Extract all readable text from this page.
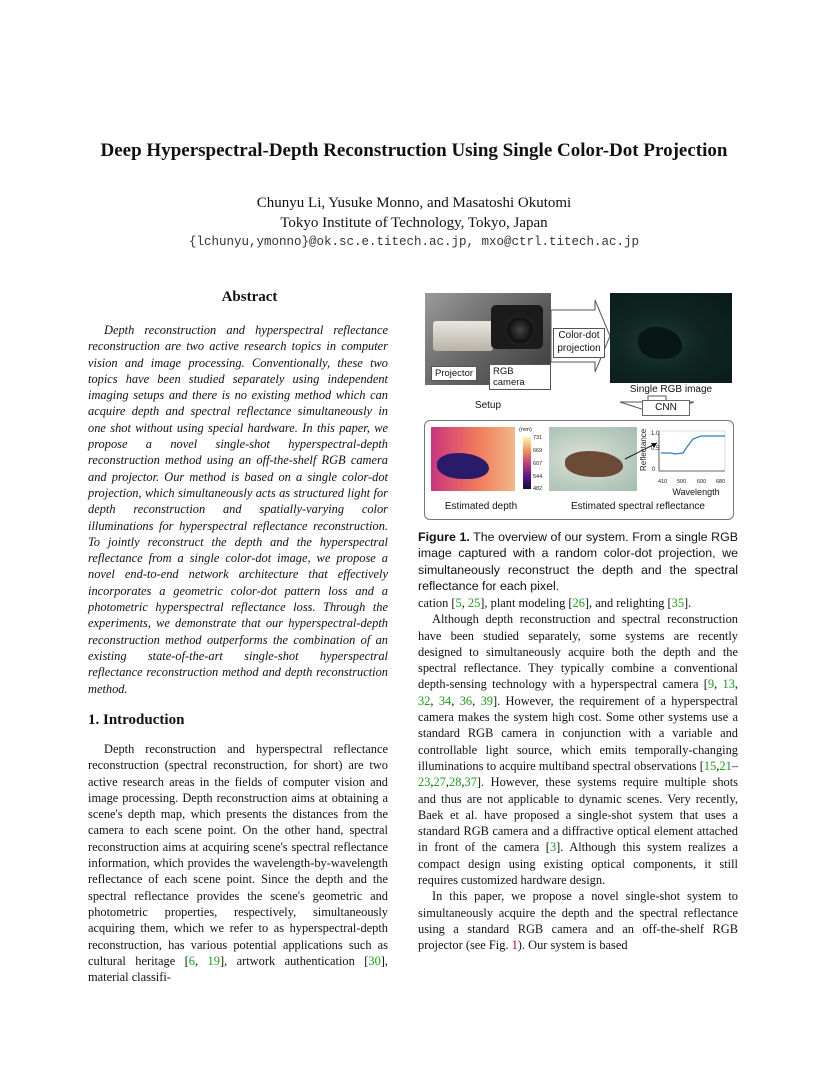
Deep Hyperspectral-Depth Reconstruction Using Single Color-Dot Projection
Chunyu Li, Yusuke Monno, and Masatoshi Okutomi
Tokyo Institute of Technology, Tokyo, Japan
{lchunyu,ymonno}@ok.sc.e.titech.ac.jp, mxo@ctrl.titech.ac.jp
Abstract

Depth reconstruction and hyperspectral reflectance reconstruction are two active research topics in computer vision and image processing. Conventionally, these two topics have been studied separately using independent imaging setups and there is no existing method which can acquire depth and spectral reflectance simultaneously in one shot without using special hardware. In this paper, we propose a novel single-shot hyperspectral-depth reconstruction method using an off-the-shelf RGB camera and projector. Our method is based on a single color-dot projection, which simultaneously acts as structured light for depth reconstruction and spatially-varying color illuminations for hyperspectral reflectance reconstruction. To jointly reconstruct the depth and the hyperspectral reflectance from a single color-dot image, we propose a novel end-to-end network architecture that effectively incorporates a geometric color-dot pattern loss and a photometric hyperspectral reflectance loss. Through the experiments, we demonstrate that our hyperspectral-depth reconstruction method outperforms the combination of an existing state-of-the-art single-shot hyperspectral reflectance reconstruction method and depth reconstruction method.

1. Introduction

Depth reconstruction and hyperspectral reflectance reconstruction (spectral reconstruction, for short) are two active research areas in the fields of computer vision and image processing. Depth reconstruction aims at obtaining a scene's depth map, which presents the distances from the camera to each scene point. On the other hand, spectral reconstruction aims at acquiring scene's spectral reflectance information, which provides the wavelength-by-wavelength reflectance of each scene point. Since the depth and the spectral reflectance provides the scene's geometric and photometric properties, respectively, simultaneously acquiring them, which we refer to as hyperspectral-depth reconstruction, has various potential applications such as cultural heritage [6, 19], artwork authentication [30], material classifi-

Projector	RGB camera
Setup
Color-dot projection
Single RGB image
CNN
(mm)
731
669
607
544
482
Estimated depth
1.0
0.5
0
Reflectance
410 500 600 680
Wavelength
Estimated spectral reflectance

Figure 1. The overview of our system. From a single RGB image captured with a random color-dot projection, we simultaneously reconstruct the depth and the spectral reflectance for each pixel.

cation [5, 25], plant modeling [26], and relighting [35].

Although depth reconstruction and spectral reconstruction have been studied separately, some systems are recently designed to simultaneously acquire both the depth and the spectral reflectance. They typically combine a conventional depth-sensing technology with a hyperspectral camera [9, 13, 32, 34, 36, 39]. However, the requirement of a hyperspectral camera makes the system high cost. Some other systems use a standard RGB camera in conjunction with a variable and controllable light source, which emits temporally-changing illuminations to acquire multiband spectral observations [15,21–23,27,28,37]. However, these systems require multiple shots and thus are not applicable to dynamic scenes. Very recently, Baek et al. have proposed a single-shot system that uses a standard RGB camera and a diffractive optical element attached in front of the camera [3]. Although this system realizes a compact design using existing optical components, it still requires customized hardware design.

In this paper, we propose a novel single-shot system to simultaneously acquire the depth and the spectral reflectance using a standard RGB camera and an off-the-shelf RGB projector (see Fig. 1). Our system is based
